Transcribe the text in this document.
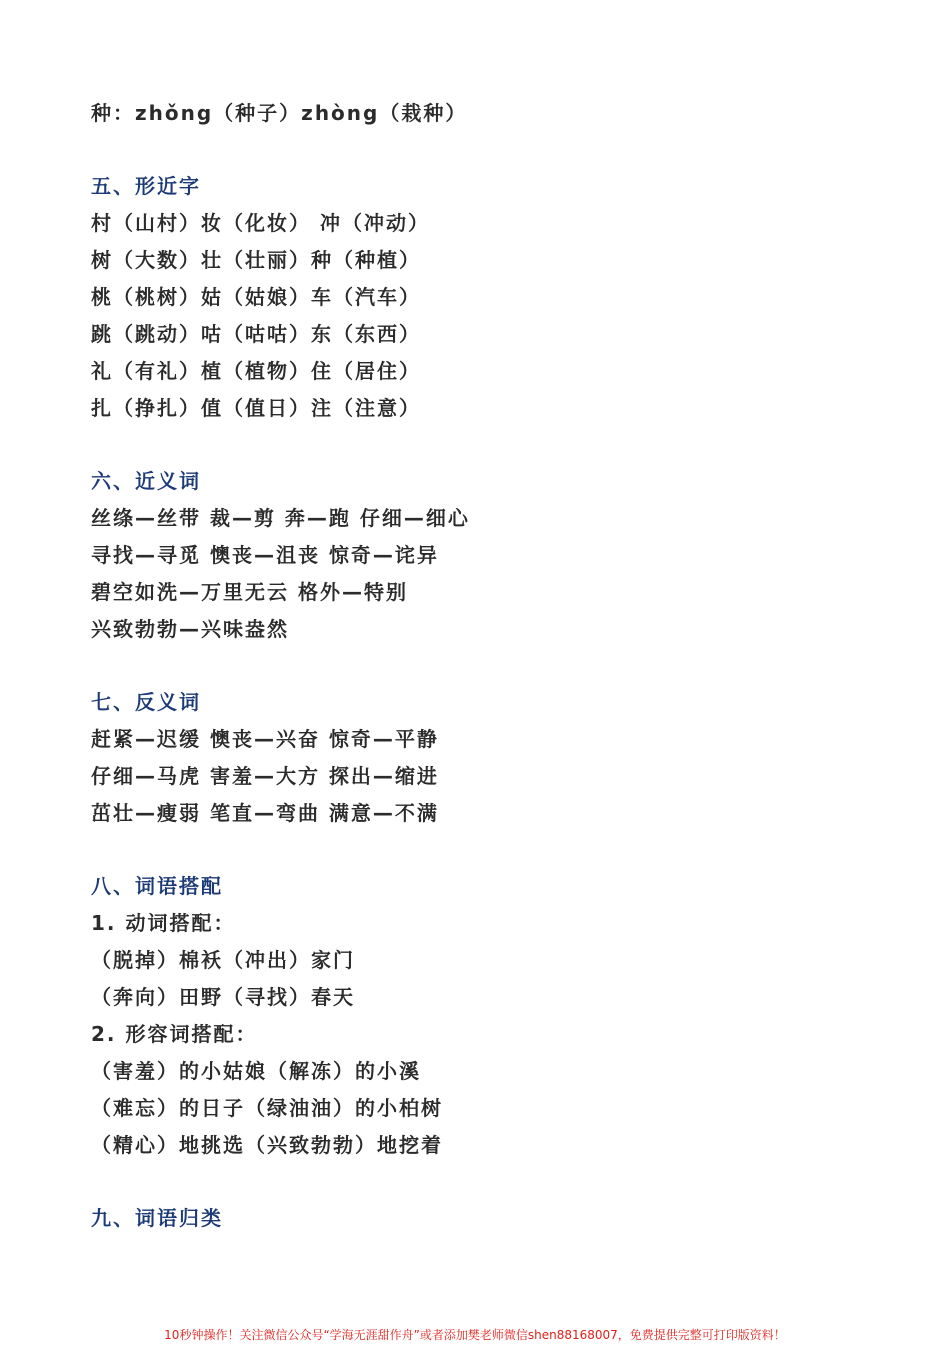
种：zhǒng（种子）zhòng（栽种）
五、形近字
村（山村）妆（化妆） 冲（冲动）
树（大数）壮（壮丽）种（种植）
桃（桃树）姑（姑娘）车（汽车）
跳（跳动）咕（咕咕）东（东西）
礼（有礼）植（植物）住（居住）
扎（挣扎）值（值日）注（注意）
六、近义词
丝绦—丝带 裁—剪 奔—跑 仔细—细心
寻找—寻觅 懊丧—沮丧 惊奇—诧异
碧空如洗—万里无云 格外—特别
兴致勃勃—兴味盎然
七、反义词
赶紧—迟缓 懊丧—兴奋 惊奇—平静
仔细—马虎 害羞—大方 探出—缩进
茁壮—瘦弱 笔直—弯曲 满意—不满
八、词语搭配
1. 动词搭配：
（脱掉）棉袄（冲出）家门
（奔向）田野（寻找）春天
2. 形容词搭配：
（害羞）的小姑娘（解冻）的小溪
（难忘）的日子（绿油油）的小柏树
（精心）地挑选（兴致勃勃）地挖着
九、词语归类
10秒钟操作！关注微信公众号“学海无涯甜作舟”或者添加樊老师微信shen88168007，免费提供完整可打印版资料！
